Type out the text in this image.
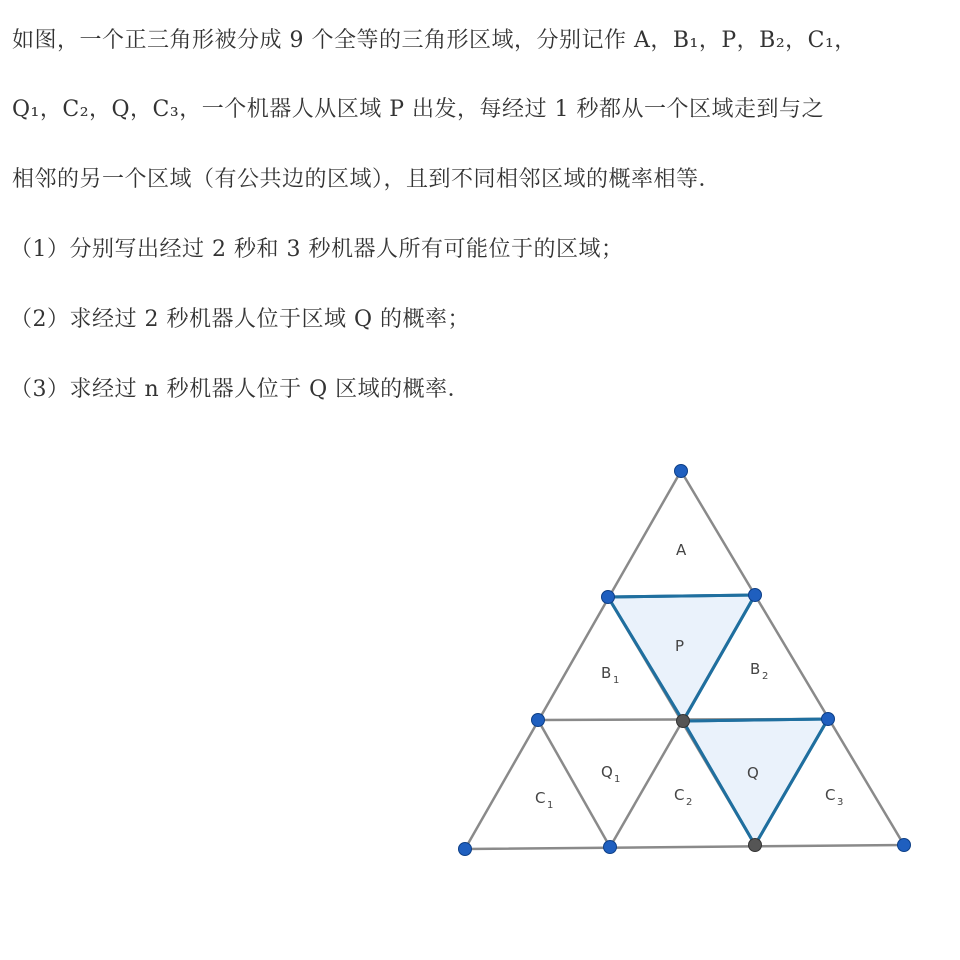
如图，一个正三角形被分成 9 个全等的三角形区域，分别记作 A，B₁，P，B₂，C₁，
Q₁，C₂，Q，C₃，一个机器人从区域 P 出发，每经过 1 秒都从一个区域走到与之
相邻的另一个区域（有公共边的区域），且到不同相邻区域的概率相等．
（1）分别写出经过 2 秒和 3 秒机器人所有可能位于的区域；
（2）求经过 2 秒机器人位于区域 Q 的概率；
（3）求经过 n 秒机器人位于 Q 区域的概率．
A
P
B 1
B 2
Q 1	Q
C 1
C 2	C 3
